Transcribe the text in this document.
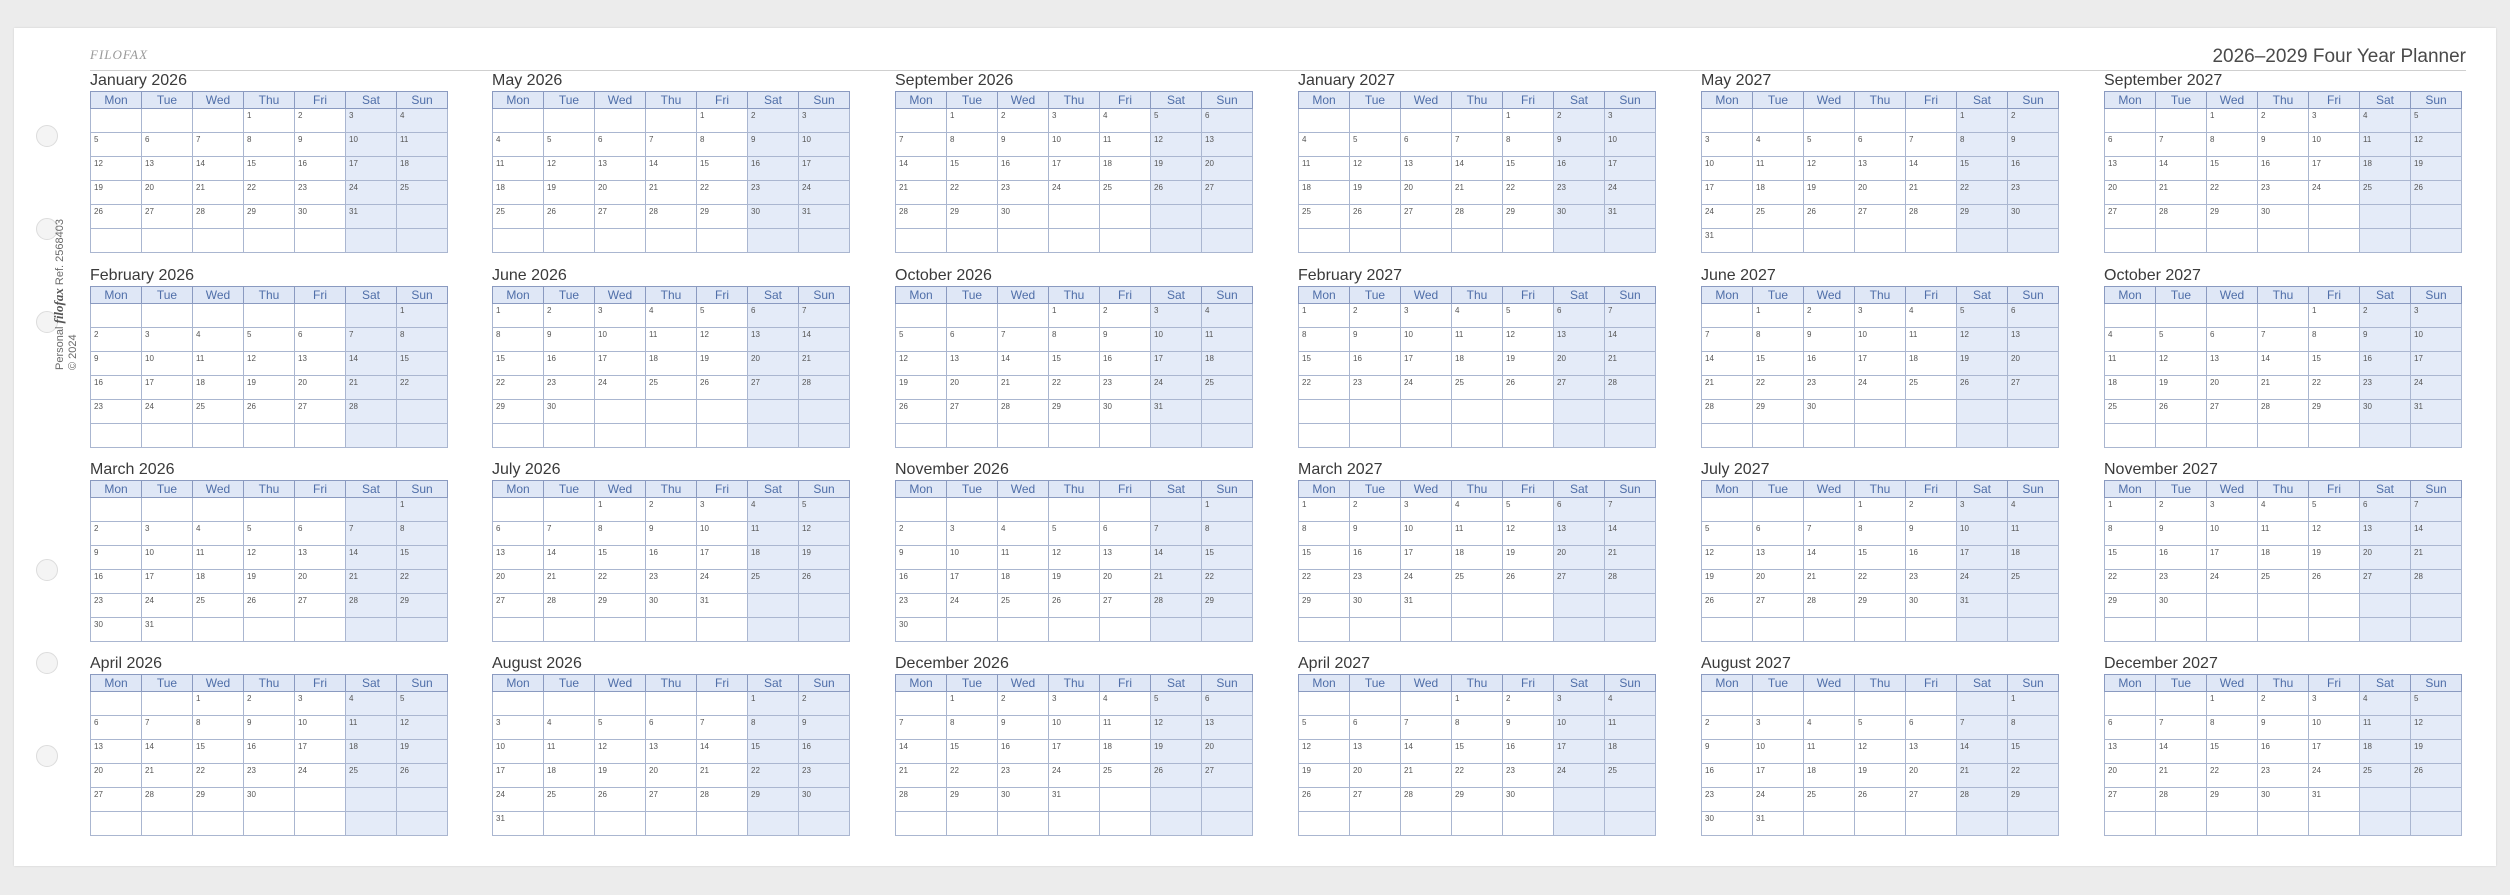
FILOFAX	2026–2029 Four Year Planner
Personal filofax Ref. 2568403
© 2024
January 2026
Mon	Tue	Wed	Thu	Fri	Sat	Sun
			1	2	3	4
5	6	7	8	9	10	11
12	13	14	15	16	17	18
19	20	21	22	23	24	25
26	27	28	29	30	31	

February 2026
Mon	Tue	Wed	Thu	Fri	Sat	Sun
						1
2	3	4	5	6	7	8
9	10	11	12	13	14	15
16	17	18	19	20	21	22
23	24	25	26	27	28	

March 2026
Mon	Tue	Wed	Thu	Fri	Sat	Sun
						1
2	3	4	5	6	7	8
9	10	11	12	13	14	15
16	17	18	19	20	21	22
23	24	25	26	27	28	29
30	31					
April 2026
Mon	Tue	Wed	Thu	Fri	Sat	Sun
		1	2	3	4	5
6	7	8	9	10	11	12
13	14	15	16	17	18	19
20	21	22	23	24	25	26
27	28	29	30			

May 2026
Mon	Tue	Wed	Thu	Fri	Sat	Sun
				1	2	3
4	5	6	7	8	9	10
11	12	13	14	15	16	17
18	19	20	21	22	23	24
25	26	27	28	29	30	31

June 2026
Mon	Tue	Wed	Thu	Fri	Sat	Sun
1	2	3	4	5	6	7
8	9	10	11	12	13	14
15	16	17	18	19	20	21
22	23	24	25	26	27	28
29	30					

July 2026
Mon	Tue	Wed	Thu	Fri	Sat	Sun
		1	2	3	4	5
6	7	8	9	10	11	12
13	14	15	16	17	18	19
20	21	22	23	24	25	26
27	28	29	30	31		

August 2026
Mon	Tue	Wed	Thu	Fri	Sat	Sun
					1	2
3	4	5	6	7	8	9
10	11	12	13	14	15	16
17	18	19	20	21	22	23
24	25	26	27	28	29	30
31						
September 2026
Mon	Tue	Wed	Thu	Fri	Sat	Sun
	1	2	3	4	5	6
7	8	9	10	11	12	13
14	15	16	17	18	19	20
21	22	23	24	25	26	27
28	29	30				

October 2026
Mon	Tue	Wed	Thu	Fri	Sat	Sun
			1	2	3	4
5	6	7	8	9	10	11
12	13	14	15	16	17	18
19	20	21	22	23	24	25
26	27	28	29	30	31	

November 2026
Mon	Tue	Wed	Thu	Fri	Sat	Sun
						1
2	3	4	5	6	7	8
9	10	11	12	13	14	15
16	17	18	19	20	21	22
23	24	25	26	27	28	29
30						
December 2026
Mon	Tue	Wed	Thu	Fri	Sat	Sun
	1	2	3	4	5	6
7	8	9	10	11	12	13
14	15	16	17	18	19	20
21	22	23	24	25	26	27
28	29	30	31			

January 2027
Mon	Tue	Wed	Thu	Fri	Sat	Sun
				1	2	3
4	5	6	7	8	9	10
11	12	13	14	15	16	17
18	19	20	21	22	23	24
25	26	27	28	29	30	31

February 2027
Mon	Tue	Wed	Thu	Fri	Sat	Sun
1	2	3	4	5	6	7
8	9	10	11	12	13	14
15	16	17	18	19	20	21
22	23	24	25	26	27	28

March 2027
Mon	Tue	Wed	Thu	Fri	Sat	Sun
1	2	3	4	5	6	7
8	9	10	11	12	13	14
15	16	17	18	19	20	21
22	23	24	25	26	27	28
29	30	31				

April 2027
Mon	Tue	Wed	Thu	Fri	Sat	Sun
			1	2	3	4
5	6	7	8	9	10	11
12	13	14	15	16	17	18
19	20	21	22	23	24	25
26	27	28	29	30		

May 2027
Mon	Tue	Wed	Thu	Fri	Sat	Sun
					1	2
3	4	5	6	7	8	9
10	11	12	13	14	15	16
17	18	19	20	21	22	23
24	25	26	27	28	29	30
31						
June 2027
Mon	Tue	Wed	Thu	Fri	Sat	Sun
	1	2	3	4	5	6
7	8	9	10	11	12	13
14	15	16	17	18	19	20
21	22	23	24	25	26	27
28	29	30				

July 2027
Mon	Tue	Wed	Thu	Fri	Sat	Sun
			1	2	3	4
5	6	7	8	9	10	11
12	13	14	15	16	17	18
19	20	21	22	23	24	25
26	27	28	29	30	31	

August 2027
Mon	Tue	Wed	Thu	Fri	Sat	Sun
						1
2	3	4	5	6	7	8
9	10	11	12	13	14	15
16	17	18	19	20	21	22
23	24	25	26	27	28	29
30	31					
September 2027
Mon	Tue	Wed	Thu	Fri	Sat	Sun
		1	2	3	4	5
6	7	8	9	10	11	12
13	14	15	16	17	18	19
20	21	22	23	24	25	26
27	28	29	30			

October 2027
Mon	Tue	Wed	Thu	Fri	Sat	Sun
				1	2	3
4	5	6	7	8	9	10
11	12	13	14	15	16	17
18	19	20	21	22	23	24
25	26	27	28	29	30	31

November 2027
Mon	Tue	Wed	Thu	Fri	Sat	Sun
1	2	3	4	5	6	7
8	9	10	11	12	13	14
15	16	17	18	19	20	21
22	23	24	25	26	27	28
29	30					

December 2027
Mon	Tue	Wed	Thu	Fri	Sat	Sun
		1	2	3	4	5
6	7	8	9	10	11	12
13	14	15	16	17	18	19
20	21	22	23	24	25	26
27	28	29	30	31		
